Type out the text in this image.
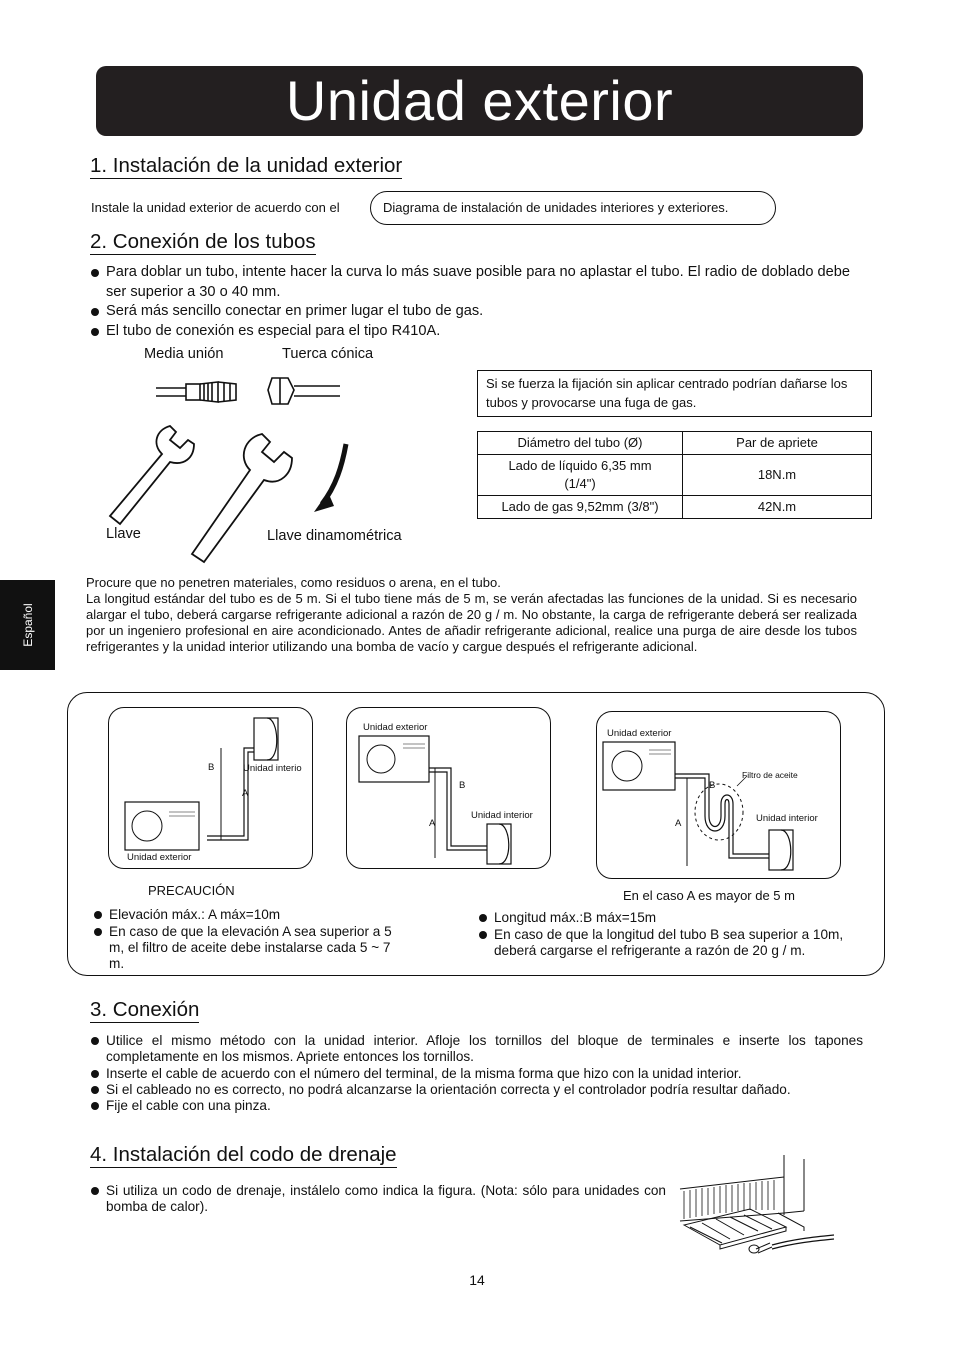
Unidad exterior
Español
1. Instalación de la unidad exterior
Instale la unidad exterior de acuerdo con el	Diagrama de instalación de unidades interiores y exteriores.
2. Conexión de los tubos
Para doblar un tubo, intente hacer la curva lo más suave posible para no aplastar el tubo. El radio de doblado debe ser superior a 30 o 40 mm.
Será más sencillo conectar en primer lugar el tubo de gas.
El tubo de conexión es especial para el tipo R410A.
Media unión	Tuerca cónica
Llave	Llave dinamométrica
Si se fuerza la fijación sin aplicar centrado podrían dañarse los tubos y provocarse una fuga de gas.
Diámetro del tubo (Ø)	Par de apriete
Lado de líquido 6,35 mm (1/4")	18N.m
Lado de gas 9,52mm (3/8")	42N.m
Procure que no penetren materiales, como residuos o arena, en el tubo.
La longitud estándar del tubo es de 5 m. Si el tubo tiene más de 5 m, se verán afectadas las funciones de la unidad. Si es necesario alargar el tubo, deberá cargarse refrigerante adicional a razón de 20 g / m. No obstante, la carga de refrigerante deberá ser realizada por un ingeniero profesional en aire acondicionado. Antes de añadir refrigerante adicional, realice una purga de aire desde los tubos refrigerantes y la unidad interior utilizando una bomba de vacío y cargue después el refrigerante adicional.
B	Unidad interio
A
Unidad exterior
Unidad exterior
B
A
Unidad interior
Unidad exterior
B
Filtro de aceite
A	Unidad interior
PRECAUCIÓN	En el caso A es mayor de 5 m
Elevación máx.: A máx=10m
En caso de que la elevación A sea superior a 5 m, el filtro de aceite debe instalarse cada 5 ~ 7 m.
Longitud máx.:B máx=15m
En caso de que la longitud del tubo B sea superior a 10m, deberá cargarse el refrigerante a razón de 20 g / m.
3. Conexión
Utilice el mismo método con la unidad interior. Afloje los tornillos del bloque de terminales e inserte los tapones completamente en los mismos. Apriete entonces los tornillos.
Inserte el cable de acuerdo con el número del terminal, de la misma forma que hizo con la unidad interior.
Si el cableado no es correcto, no podrá alcanzarse la orientación correcta y el controlador podría resultar dañado.
Fije el cable con una pinza.
4. Instalación del codo de drenaje
Si utiliza un codo de drenaje, instálelo como indica la figura. (Nota: sólo para unidades con bomba de calor).
14
